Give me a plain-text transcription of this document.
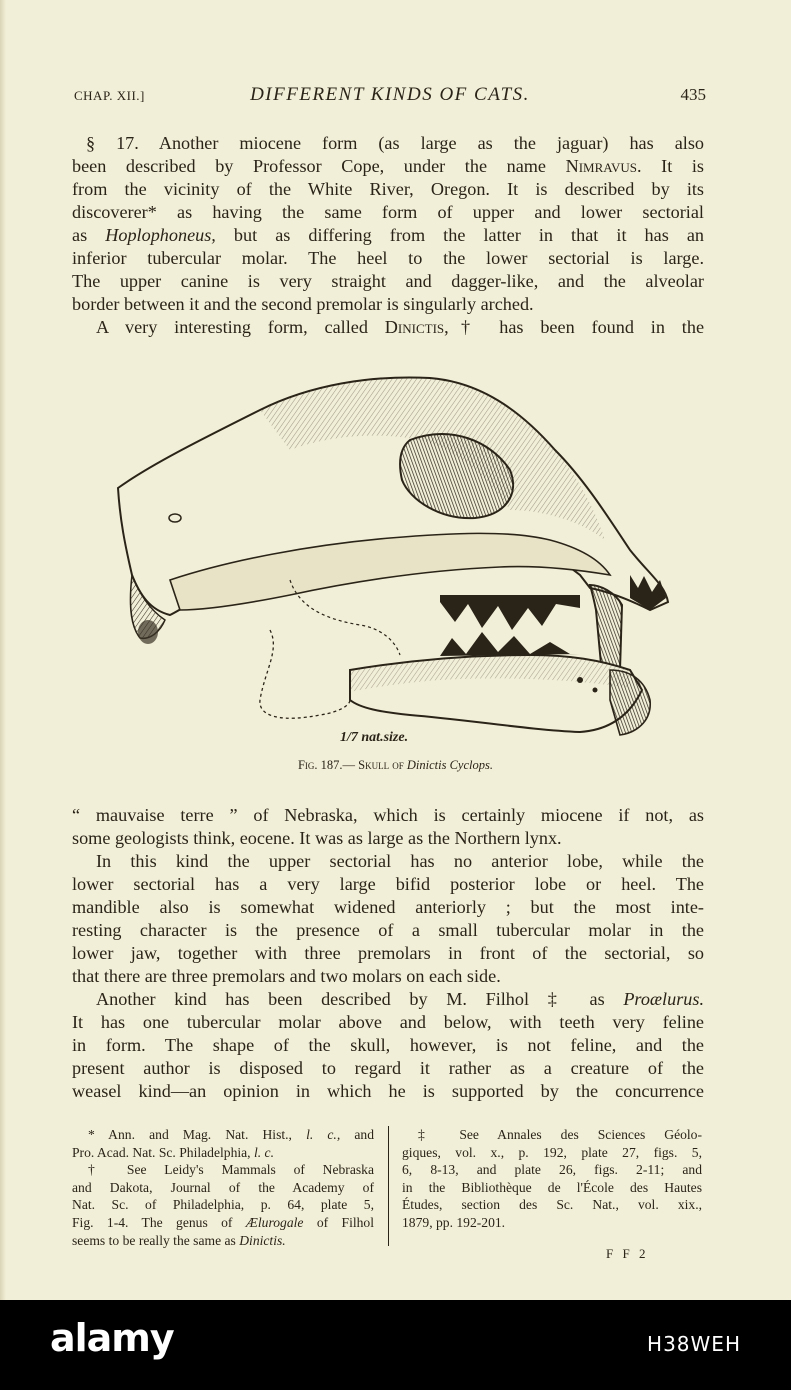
CHAP. XII.]	DIFFERENT KINDS OF CATS.	435
§ 17. Another miocene form (as large as the jaguar) has also
been described by Professor Cope, under the name Nimravus. It is
from the vicinity of the White River, Oregon. It is described by its
discoverer* as having the same form of upper and lower sectorial
as Hoplophoneus, but as differing from the latter in that it has an
inferior tubercular molar. The heel to the lower sectorial is large.
The upper canine is very straight and dagger-like, and the alveolar
border between it and the second premolar is singularly arched.
A very interesting form, called Dinictis,† has been found in the
1/7 nat.size.
Fig. 187.— Skull of Dinictis Cyclops.
“ mauvaise terre ” of Nebraska, which is certainly miocene if not, as
some geologists think, eocene. It was as large as the Northern lynx.
In this kind the upper sectorial has no anterior lobe, while the
lower sectorial has a very large bifid posterior lobe or heel. The
mandible also is somewhat widened anteriorly ; but the most inte-
resting character is the presence of a small tubercular molar in the
lower jaw, together with three premolars in front of the sectorial, so
that there are three premolars and two molars on each side.
Another kind has been described by M. Filhol ‡ as Proælurus.
It has one tubercular molar above and below, with teeth very feline
in form. The shape of the skull, however, is not feline, and the
present author is disposed to regard it rather as a creature of the
weasel kind—an opinion in which he is supported by the concurrence
* Ann. and Mag. Nat. Hist., l. c., and
Pro. Acad. Nat. Sc. Philadelphia, l. c.
† See Leidy's Mammals of Nebraska
and Dakota, Journal of the Academy of
Nat. Sc. of Philadelphia, p. 64, plate 5,
Fig. 1-4. The genus of Ælurogale of Filhol
seems to be really the same as Dinictis.
‡ See Annales des Sciences Géolo-
giques, vol. x., p. 192, plate 27, figs. 5,
6, 8-13, and plate 26, figs. 2-11; and
in the Bibliothèque de l'École des Hautes
Études, section des Sc. Nat., vol. xix.,
1879, pp. 192-201.
F F 2
alamy	H38WEH
